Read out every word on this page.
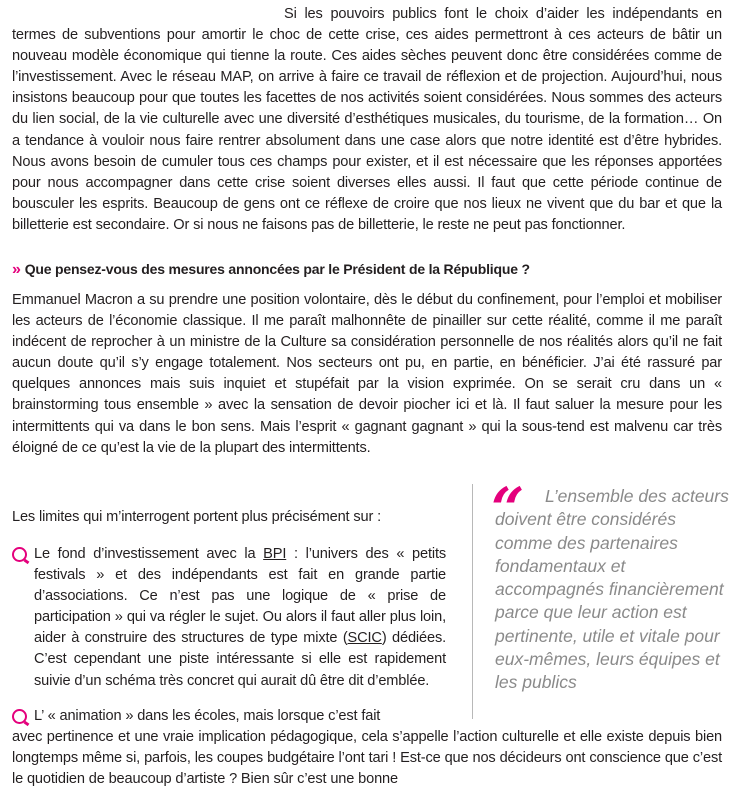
Si les pouvoirs publics font le choix d’aider les indépendants en termes de subventions pour amortir le choc de cette crise, ces aides permettront à ces acteurs de bâtir un nouveau modèle économique qui tienne la route. Ces aides sèches peuvent donc être considérées comme de l’investissement. Avec le réseau MAP, on arrive à faire ce travail de réflexion et de projection. Aujourd’hui, nous insistons beaucoup pour que toutes les facettes de nos activités soient considérées. Nous sommes des acteurs du lien social, de la vie culturelle avec une diversité d’esthétiques musicales, du tourisme, de la formation… On a tendance à vouloir nous faire rentrer absolument dans une case alors que notre identité est d’être hybrides. Nous avons besoin de cumuler tous ces champs pour exister, et il est nécessaire que les réponses apportées pour nous accompagner dans cette crise soient diverses elles aussi. Il faut que cette période continue de bousculer les esprits. Beaucoup de gens ont ce réflexe de croire que nos lieux ne vivent que du bar et que la billetterie est secondaire. Or si nous ne faisons pas de billetterie, le reste ne peut pas fonctionner.

» Que pensez-vous des mesures annoncées par le Président de la République ?

Emmanuel Macron a su prendre une position volontaire, dès le début du confinement, pour l’emploi et mobiliser les acteurs de l’économie classique. Il me paraît malhonnête de pinailler sur cette réalité, comme il me paraît indécent de reprocher à un ministre de la Culture sa considération personnelle de nos réalités alors qu’il ne fait aucun doute qu’il s’y engage totalement. Nos secteurs ont pu, en partie, en bénéficier. J’ai été rassuré par quelques annonces mais suis inquiet et stupéfait par la vision exprimée. On se serait cru dans un « brainstorming tous ensemble » avec la sensation de devoir piocher ici et là. Il faut saluer la mesure pour les intermittents qui va dans le bon sens. Mais l’esprit « gagnant gagnant » qui la sous-tend est malvenu car très éloigné de ce qu’est la vie de la plupart des intermittents.

Les limites qui m’interrogent portent plus précisément sur :

Le fond d’investissement avec la BPI : l’univers des « petits festivals » et des indépendants est fait en grande partie d’associations. Ce n’est pas une logique de « prise de participation » qui va régler le sujet. Ou alors il faut aller plus loin, aider à construire des structures de type mixte (SCIC) dédiées. C’est cependant une piste intéressante si elle est rapidement suivie d’un schéma très concret qui aurait dû être dit d’emblée.

L’ « animation » dans les écoles, mais lorsque c’est fait
avec pertinence et une vraie implication pédagogique, cela s’appelle l’action culturelle et elle existe depuis bien longtemps même si, parfois, les coupes budgétaire l’ont tari ! Est-ce que nos décideurs ont conscience que c’est le quotidien de beaucoup d’artiste ? Bien sûr c’est une bonne

“	L’ensemble des acteurs doivent être considérés comme des partenaires fondamentaux et accompagnés financièrement parce que leur action est pertinente, utile et vitale pour eux-mêmes, leurs équipes et les publics
